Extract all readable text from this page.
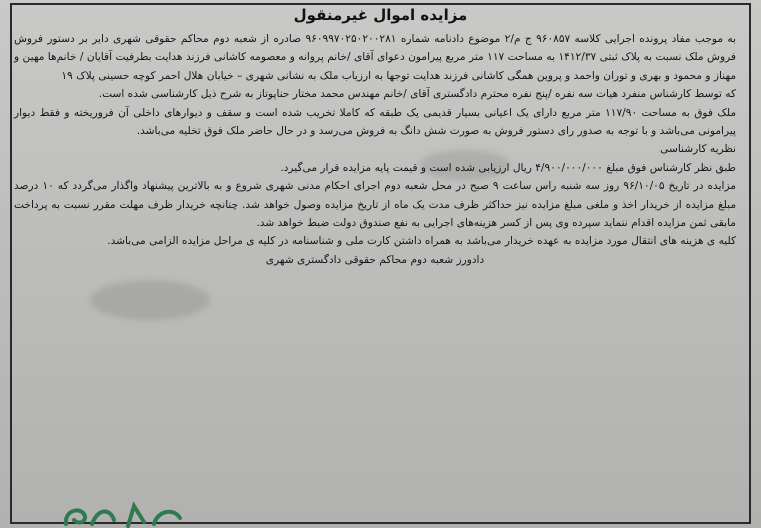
مزایده اموال غیرمنقول

به موجب مفاد پرونده اجرایی کلاسه ۹۶۰۸۵۷ ج م/۲ موضوع دادنامه شماره ۹۶۰۹۹۷۰۲۵۰۲۰۰۲۸۱ صادره از شعبه دوم محاکم حقوقی شهری دایر بر دستور فروش فروش ملک نسبت به پلاک ثبتی ۱۴۱۲/۳۷ به مساحت ۱۱۷ متر مربع پیرامون دعوای آقای /خانم پروانه و معصومه کاشانی فرزند هدایت بطرفیت آقایان / خانم‌ها مهین و مهناز و محمود و بهری و توران واحمد و پروین همگی کاشانی فرزند هدایت توجها به ارزیاب ملک به نشانی شهری – خیابان هلال احمر کوچه حسینی پلاک ۱۹

که توسط کارشناس منفرد هیات سه نفره /پنج نفره محترم دادگستری آقای /خانم مهندس محمد مختار حناپوتاز به شرح ذیل کارشناسی شده است.

ملک فوق به مساحت ۱۱۷/۹۰ متر مربع دارای یک اعیانی بسیار قدیمی یک طبقه که کاملا تخریب شده است و سقف و دیوارهای داخلی آن فروریخته و فقط دیوار پیرامونی می‌باشد و با توجه به صدور رای دستور فروش به صورت شش دانگ به فروش می‌رسد و در حال حاضر ملک فوق تخلیه می‌باشد.

نظریه کارشناسی

طبق نظر کارشناس فوق مبلغ ۴/۹۰۰/۰۰۰/۰۰۰ ریال ارزیابی شده است و قیمت پایه مزایده قرار می‌گیرد.

مزایده در تاریخ ۹۶/۱۰/۰۵ روز سه شنبه راس ساعت ۹ صبح در محل شعبه دوم اجرای احکام مدنی شهری شروع و به بالاترین پیشنهاد واگذار می‌گردد که ۱۰ درصد مبلغ مزایده از خریدار اخذ و ملغی مبلغ مزایده نیز حداکثر ظرف مدت یک ماه از تاریخ مزایده وصول خواهد شد. چنانچه خریدار ظرف مهلت مقرر نسبت به پرداخت مابقی ثمن مزایده اقدام ننماید سپرده وی پس از کسر هزینه‌های اجرایی به نفع صندوق دولت ضبط خواهد شد.

کلیه ی هزینه های انتقال مورد مزایده به عهده خریدار می‌باشد به همراه داشتن کارت ملی و شناسنامه در کلیه ی مراحل مزایده الزامی می‌باشد.

دادورز شعبه دوم محاکم حقوقی دادگستری شهری
